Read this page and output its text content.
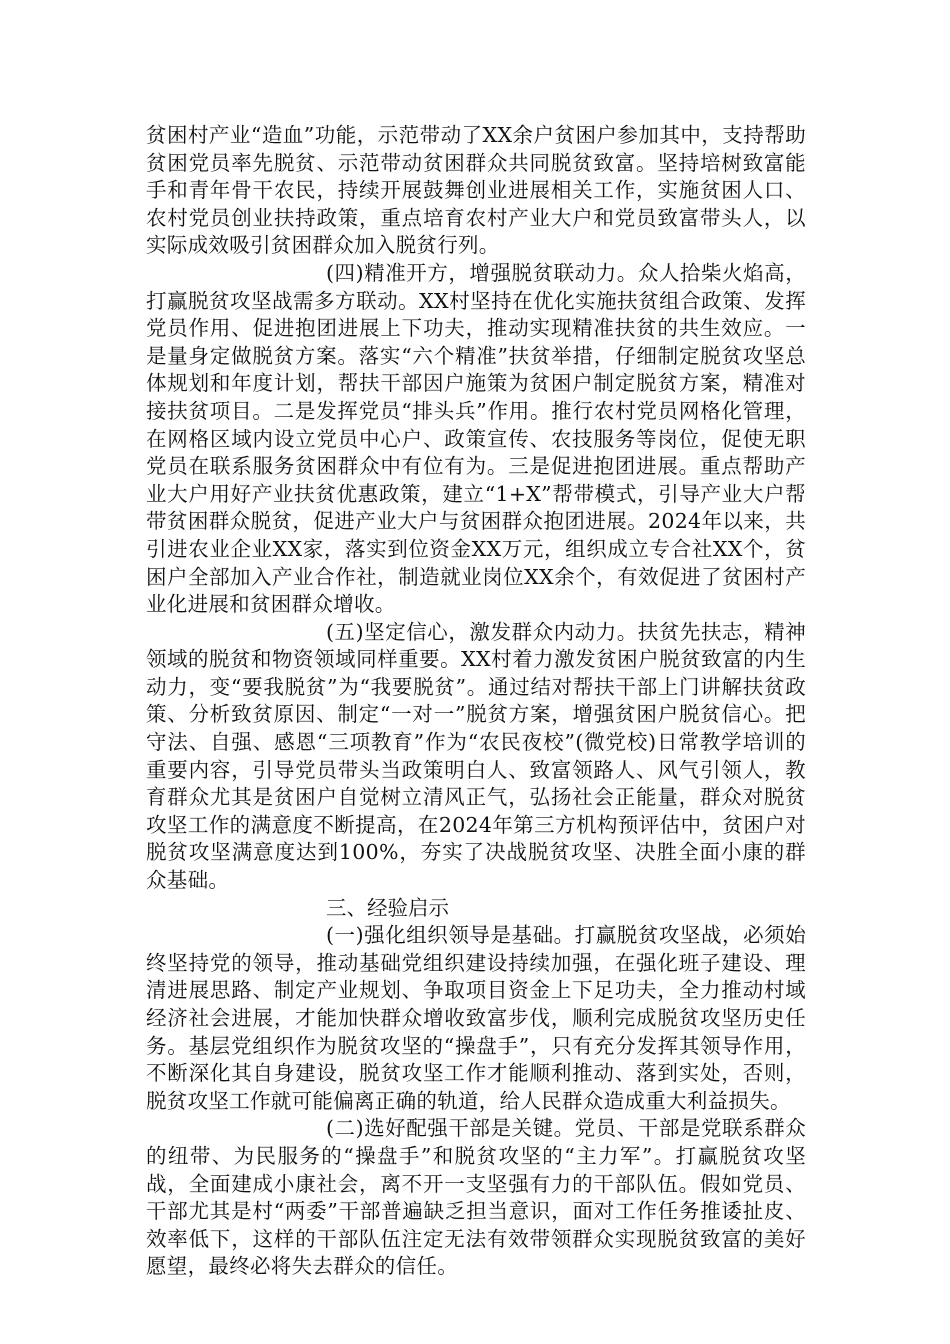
贫困村产业“造血”功能，示范带动了XX余户贫困户参加其中，支持帮助贫困党员率先脱贫、示范带动贫困群众共同脱贫致富。坚持培树致富能手和青年骨干农民，持续开展鼓舞创业进展相关工作，实施贫困人口、农村党员创业扶持政策，重点培育农村产业大户和党员致富带头人，以实际成效吸引贫困群众加入脱贫行列。

(四)精准开方，增强脱贫联动力。众人拾柴火焰高，打赢脱贫攻坚战需多方联动。XX村坚持在优化实施扶贫组合政策、发挥党员作用、促进抱团进展上下功夫，推动实现精准扶贫的共生效应。一是量身定做脱贫方案。落实“六个精准”扶贫举措，仔细制定脱贫攻坚总体规划和年度计划，帮扶干部因户施策为贫困户制定脱贫方案，精准对接扶贫项目。二是发挥党员“排头兵”作用。推行农村党员网格化管理，在网格区域内设立党员中心户、政策宣传、农技服务等岗位，促使无职党员在联系服务贫困群众中有位有为。三是促进抱团进展。重点帮助产业大户用好产业扶贫优惠政策，建立“1+X”帮带模式，引导产业大户帮带贫困群众脱贫，促进产业大户与贫困群众抱团进展。2024年以来，共引进农业企业XX家，落实到位资金XX万元，组织成立专合社XX个，贫困户全部加入产业合作社，制造就业岗位XX余个，有效促进了贫困村产业化进展和贫困群众增收。

(五)坚定信心，激发群众内动力。扶贫先扶志，精神领域的脱贫和物资领域同样重要。XX村着力激发贫困户脱贫致富的内生动力，变“要我脱贫”为“我要脱贫”。通过结对帮扶干部上门讲解扶贫政策、分析致贫原因、制定“一对一”脱贫方案，增强贫困户脱贫信心。把守法、自强、感恩“三项教育”作为“农民夜校”(微党校)日常教学培训的重要内容，引导党员带头当政策明白人、致富领路人、风气引领人，教育群众尤其是贫困户自觉树立清风正气，弘扬社会正能量，群众对脱贫攻坚工作的满意度不断提高，在2024年第三方机构预评估中，贫困户对脱贫攻坚满意度达到100%，夯实了决战脱贫攻坚、决胜全面小康的群众基础。

三、经验启示

(一)强化组织领导是基础。打赢脱贫攻坚战，必须始终坚持党的领导，推动基础党组织建设持续加强，在强化班子建设、理清进展思路、制定产业规划、争取项目资金上下足功夫，全力推动村域经济社会进展，才能加快群众增收致富步伐，顺利完成脱贫攻坚历史任务。基层党组织作为脱贫攻坚的“操盘手”，只有充分发挥其领导作用，不断深化其自身建设，脱贫攻坚工作才能顺利推动、落到实处，否则，脱贫攻坚工作就可能偏离正确的轨道，给人民群众造成重大利益损失。

(二)选好配强干部是关键。党员、干部是党联系群众的纽带、为民服务的“操盘手”和脱贫攻坚的“主力军”。打赢脱贫攻坚战，全面建成小康社会，离不开一支坚强有力的干部队伍。假如党员、干部尤其是村“两委”干部普遍缺乏担当意识，面对工作任务推诿扯皮、效率低下，这样的干部队伍注定无法有效带领群众实现脱贫致富的美好愿望，最终必将失去群众的信任。
